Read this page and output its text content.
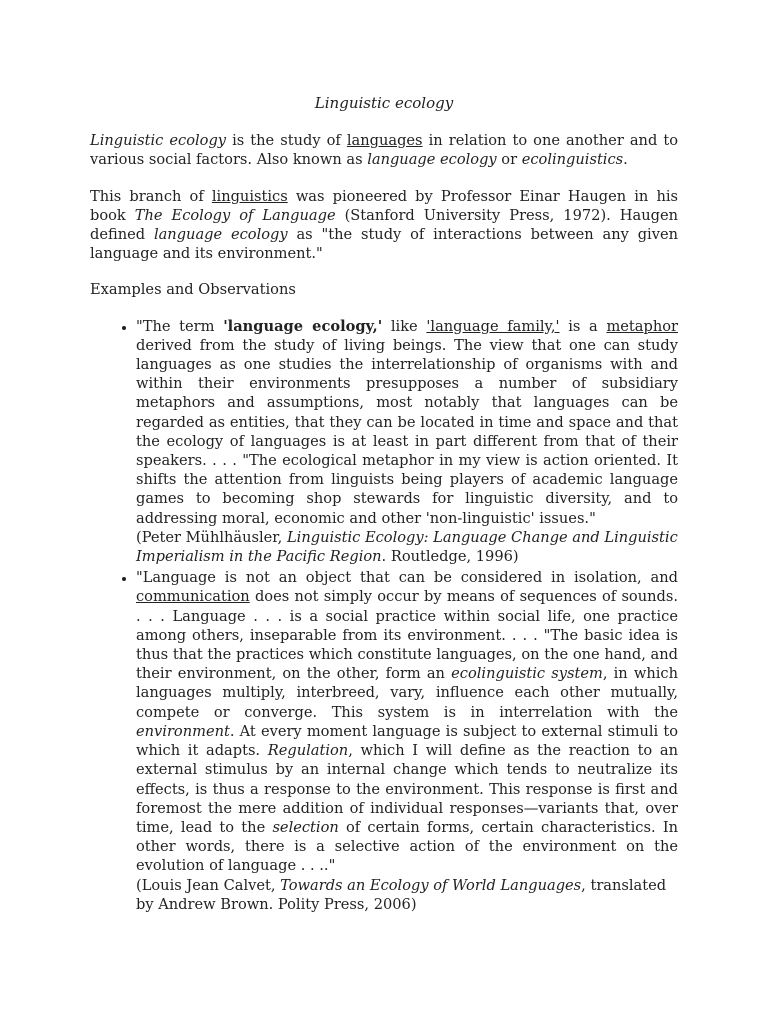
Linguistic ecology

Linguistic ecology is the study of languages in relation to one another and to various social factors. Also known as language ecology or ecolinguistics.

This branch of linguistics was pioneered by Professor Einar Haugen in his book The Ecology of Language (Stanford University Press, 1972). Haugen defined language ecology as "the study of interactions between any given language and its environment."

Examples and Observations
• "The term 'language ecology,' like 'language family,' is a metaphor derived from the study of living beings. The view that one can study languages as one studies the interrelationship of organisms with and within their environments presupposes a number of subsidiary metaphors and assumptions, most notably that languages can be regarded as entities, that they can be located in time and space and that the ecology of languages is at least in part different from that of their speakers. . . . "The ecological metaphor in my view is action oriented. It shifts the attention from linguists being players of academic language games to becoming shop stewards for linguistic diversity, and to addressing moral, economic and other 'non-linguistic' issues."
(Peter Mühlhäusler, Linguistic Ecology: Language Change and Linguistic Imperialism in the Pacific Region. Routledge, 1996)
• "Language is not an object that can be considered in isolation, and communication does not simply occur by means of sequences of sounds. . . . Language . . . is a social practice within social life, one practice among others, inseparable from its environment. . . . "The basic idea is thus that the practices which constitute languages, on the one hand, and their environment, on the other, form an ecolinguistic system, in which languages multiply, interbreed, vary, influence each other mutually, compete or converge. This system is in interrelation with the environment. At every moment language is subject to external stimuli to which it adapts. Regulation, which I will define as the reaction to an external stimulus by an internal change which tends to neutralize its effects, is thus a response to the environment. This response is first and foremost the mere addition of individual responses—variants that, over time, lead to the selection of certain forms, certain characteristics. In other words, there is a selective action of the environment on the evolution of language . . .."
(Louis Jean Calvet, Towards an Ecology of World Languages, translated by Andrew Brown. Polity Press, 2006)
